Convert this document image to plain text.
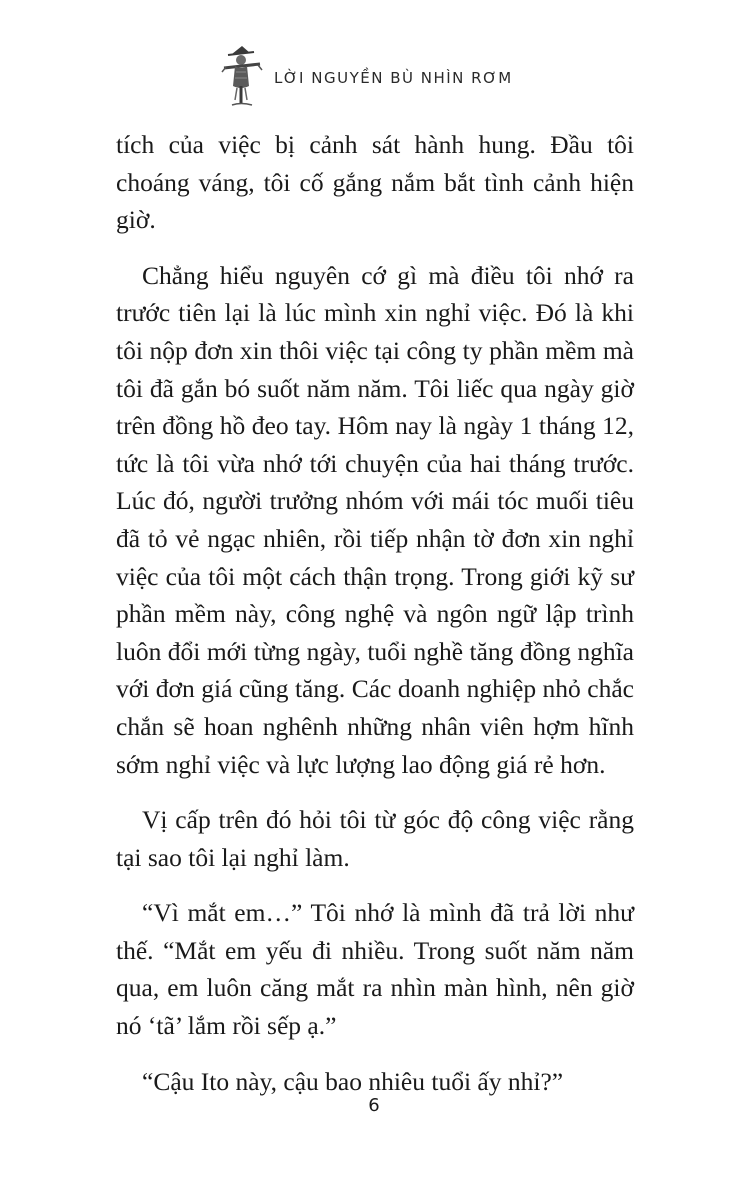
LỜI NGUYỀN BÙ NHÌN RƠM

tích của việc bị cảnh sát hành hung. Đầu tôi choáng váng, tôi cố gắng nắm bắt tình cảnh hiện giờ.

Chẳng hiểu nguyên cớ gì mà điều tôi nhớ ra trước tiên lại là lúc mình xin nghỉ việc. Đó là khi tôi nộp đơn xin thôi việc tại công ty phần mềm mà tôi đã gắn bó suốt năm năm. Tôi liếc qua ngày giờ trên đồng hồ đeo tay. Hôm nay là ngày 1 tháng 12, tức là tôi vừa nhớ tới chuyện của hai tháng trước. Lúc đó, người trưởng nhóm với mái tóc muối tiêu đã tỏ vẻ ngạc nhiên, rồi tiếp nhận tờ đơn xin nghỉ việc của tôi một cách thận trọng. Trong giới kỹ sư phần mềm này, công nghệ và ngôn ngữ lập trình luôn đổi mới từng ngày, tuổi nghề tăng đồng nghĩa với đơn giá cũng tăng. Các doanh nghiệp nhỏ chắc chắn sẽ hoan nghênh những nhân viên hợm hĩnh sớm nghỉ việc và lực lượng lao động giá rẻ hơn.

Vị cấp trên đó hỏi tôi từ góc độ công việc rằng tại sao tôi lại nghỉ làm.

“Vì mắt em…” Tôi nhớ là mình đã trả lời như thế. “Mắt em yếu đi nhiều. Trong suốt năm năm qua, em luôn căng mắt ra nhìn màn hình, nên giờ nó ‘tã’ lắm rồi sếp ạ.”

“Cậu Ito này, cậu bao nhiêu tuổi ấy nhỉ?”

6
